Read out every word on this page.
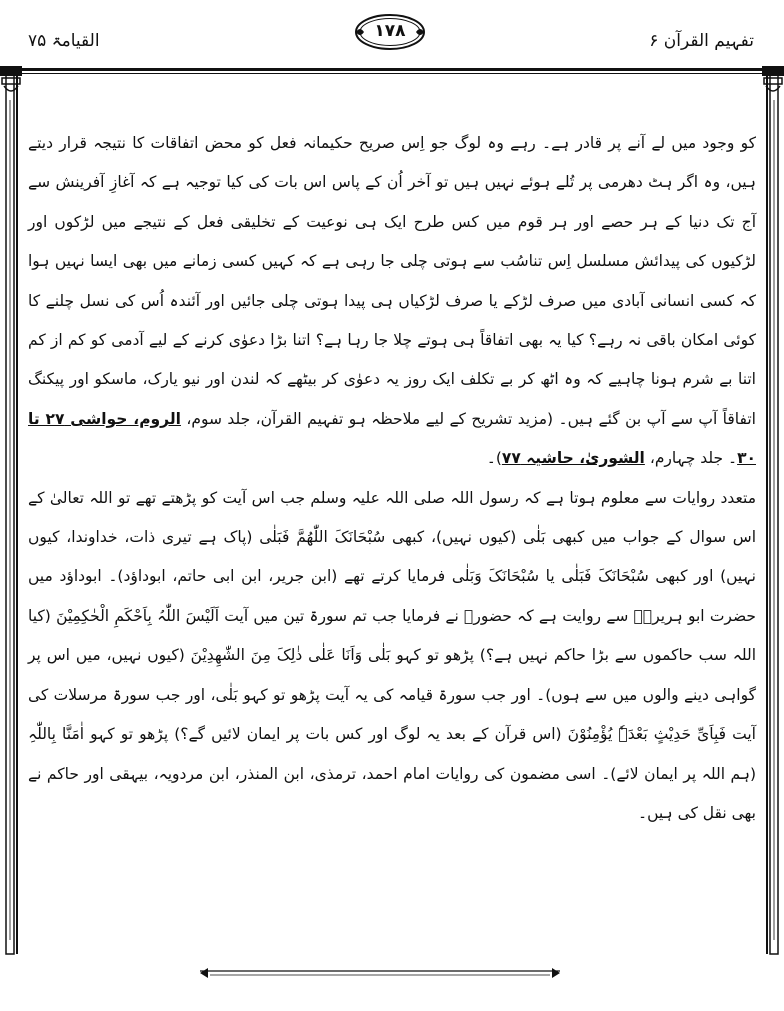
القیامۃ ۷۵	۱۷۸	تفہیم القرآن ۶

کو وجود میں لے آنے پر قادر ہے۔ رہے وہ لوگ جو اِس صریح حکیمانہ فعل کو محض اتفاقات کا نتیجہ قرار دیتے ہیں، وہ اگر ہٹ دھرمی پر تُلے ہوئے نہیں ہیں تو آخر اُن کے پاس اس بات کی کیا توجیہ ہے کہ آغازِ آفرینش سے آج تک دنیا کے ہر حصے اور ہر قوم میں کس طرح ایک ہی نوعیت کے تخلیقی فعل کے نتیجے میں لڑکوں اور لڑکیوں کی پیدائش مسلسل اِس تناسُب سے ہوتی چلی جا رہی ہے کہ کہیں کسی زمانے میں بھی ایسا نہیں ہوا کہ کسی انسانی آبادی میں صرف لڑکے یا صرف لڑکیاں ہی پیدا ہوتی چلی جائیں اور آئندہ اُس کی نسل چلنے کا کوئی امکان باقی نہ رہے؟ کیا یہ بھی اتفاقاً ہی ہوتے چلا جا رہا ہے؟ اتنا بڑا دعوٰی کرنے کے لیے آدمی کو کم از کم اتنا بے شرم ہونا چاہیے کہ وہ اٹھ کر بے تکلف ایک روز یہ دعوٰی کر بیٹھے کہ لندن اور نیو یارک، ماسکو اور پیکنگ اتفاقاً آپ سے آپ بن گئے ہیں۔ (مزید تشریح کے لیے ملاحظہ ہو تفہیم القرآن، جلد سوم، الروم، حواشی ۲۷ تا ۳۰۔ جلد چہارم، الشوریٰ، حاشیہ ۷۷)۔

متعدد روایات سے معلوم ہوتا ہے کہ رسول اللہ صلی اللہ علیہ وسلم جب اس آیت کو پڑھتے تھے تو اللہ تعالیٰ کے اس سوال کے جواب میں کبھی بَلٰی (کیوں نہیں)، کبھی سُبْحَانَکَ اللّٰھُمَّ فَبَلٰی (پاک ہے تیری ذات، خداوندا، کیوں نہیں) اور کبھی سُبْحَانَکَ فَبَلٰی یا سُبْحَانَکَ وَبَلٰی فرمایا کرتے تھے (ابن جریر، ابن ابی حاتم، ابوداؤد)۔ ابوداؤد میں حضرت ابو ہریرہؓ سے روایت ہے کہ حضورؐ نے فرمایا جب تم سورۃ تین میں آیت اَلَیْسَ اللّٰہُ بِاَحْکَمِ الْحٰکِمِیْنَ (کیا اللہ سب حاکموں سے بڑا حاکم نہیں ہے؟) پڑھو تو کہو بَلٰی وَاَنَا عَلٰی ذٰلِکَ مِنَ الشّٰھِدِیْنَ (کیوں نہیں، میں اس پر گواہی دینے والوں میں سے ہوں)۔ اور جب سورۃ قیامہ کی یہ آیت پڑھو تو کہو بَلٰی، اور جب سورۃ مرسلات کی آیت فَبِاَیِّ حَدِیْثٍ بَعْدَہٗ یُؤْمِنُوْنَ (اس قرآن کے بعد یہ لوگ اور کس بات پر ایمان لائیں گے؟) پڑھو تو کہو اٰمَنَّا بِاللّٰہِ (ہم اللہ پر ایمان لائے)۔ اسی مضمون کی روایات امام احمد، ترمذی، ابن المنذر، ابن مردویہ، بیہقی اور حاکم نے بھی نقل کی ہیں۔
